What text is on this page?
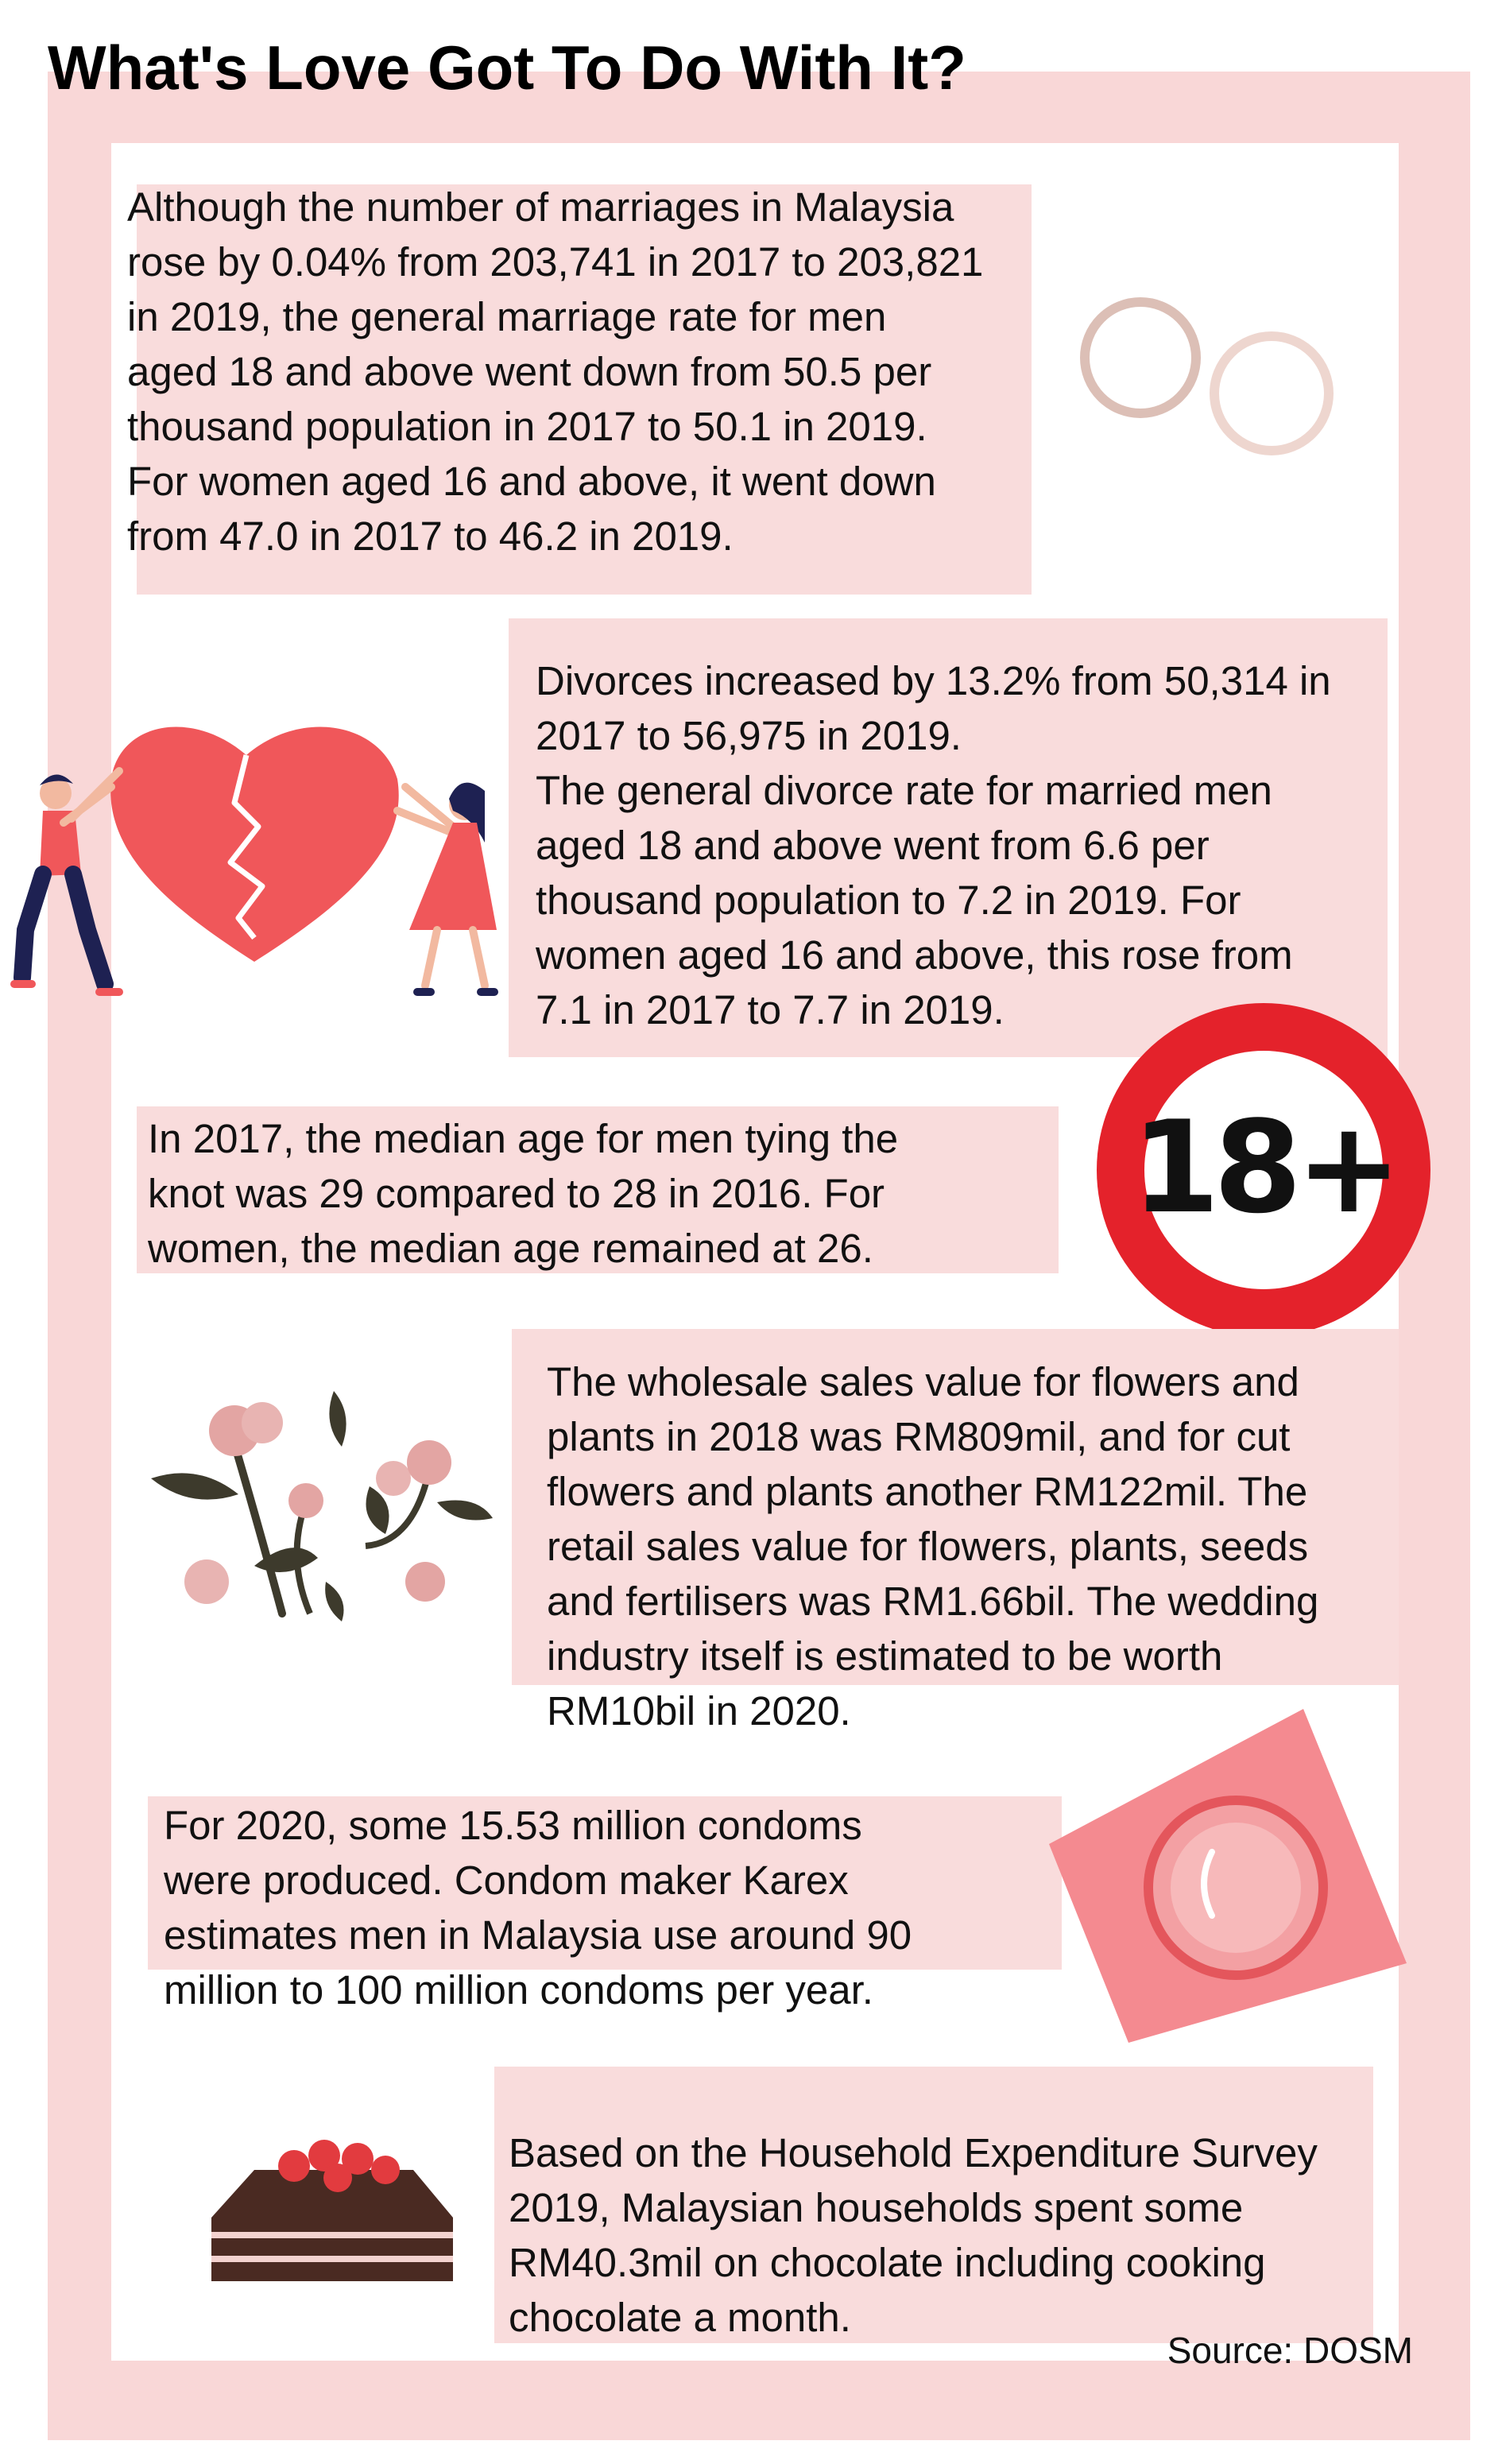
What's Love Got To Do With It?
Although the number of marriages in Malaysia
rose by 0.04% from 203,741 in 2017 to 203,821
in 2019, the general marriage rate for men
aged 18 and above went down from 50.5 per
thousand population in 2017 to 50.1 in 2019.
For women aged 16 and above, it went down
from 47.0 in 2017 to 46.2 in 2019.
Divorces increased by 13.2% from 50,314 in
2017 to 56,975 in 2019.
The general divorce rate for married men
aged 18 and above went from 6.6 per
thousand population to 7.2 in 2019. For
women aged 16 and above, this rose from
7.1 in 2017 to 7.7 in 2019.
In 2017, the median age for men tying the
knot was 29 compared to 28 in 2016. For
women, the median age remained at 26.
18+
The wholesale sales value for flowers and
plants in 2018 was RM809mil, and for cut
flowers and plants another RM122mil. The
retail sales value for flowers, plants, seeds
and fertilisers was RM1.66bil. The wedding
industry itself is estimated to be worth
RM10bil in 2020.
For 2020, some 15.53 million condoms
were produced. Condom maker Karex
estimates men in Malaysia use around 90
million to 100 million condoms per year.
Based on the Household Expenditure Survey
2019, Malaysian households spent some
RM40.3mil on chocolate including cooking
chocolate a month.
Source: DOSM
